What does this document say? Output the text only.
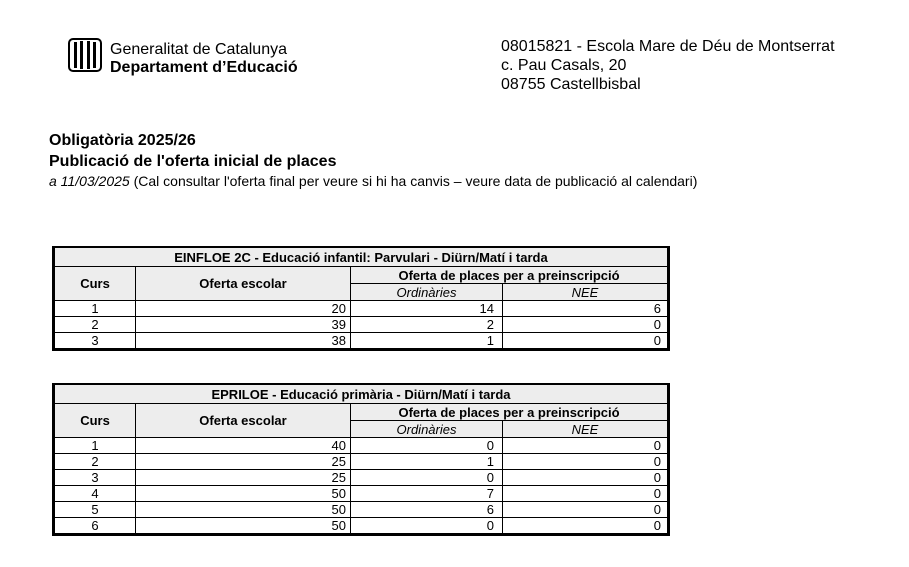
Generalitat de Catalunya
Departament d’Educació
08015821 - Escola Mare de Déu de Montserrat
c. Pau Casals, 20
08755 Castellbisbal
Obligatòria 2025/26
Publicació de l'oferta inicial de places
a 11/03/2025 (Cal consultar l'oferta final per veure si hi ha canvis – veure data de publicació al calendari)
EINFLOE 2C - Educació infantil: Parvulari - Diürn/Matí i tarda			
Curs	Oferta escolar	Oferta de places per a preinscripció	
		Ordinàries	NEE
1	20	14	6
2	39	2	0
3	38	1	0
EPRILOE - Educació primària - Diürn/Matí i tarda			
Curs	Oferta escolar	Oferta de places per a preinscripció	
		Ordinàries	NEE
1	40	0	0
2	25	1	0
3	25	0	0
4	50	7	0
5	50	6	0
6	50	0	0
